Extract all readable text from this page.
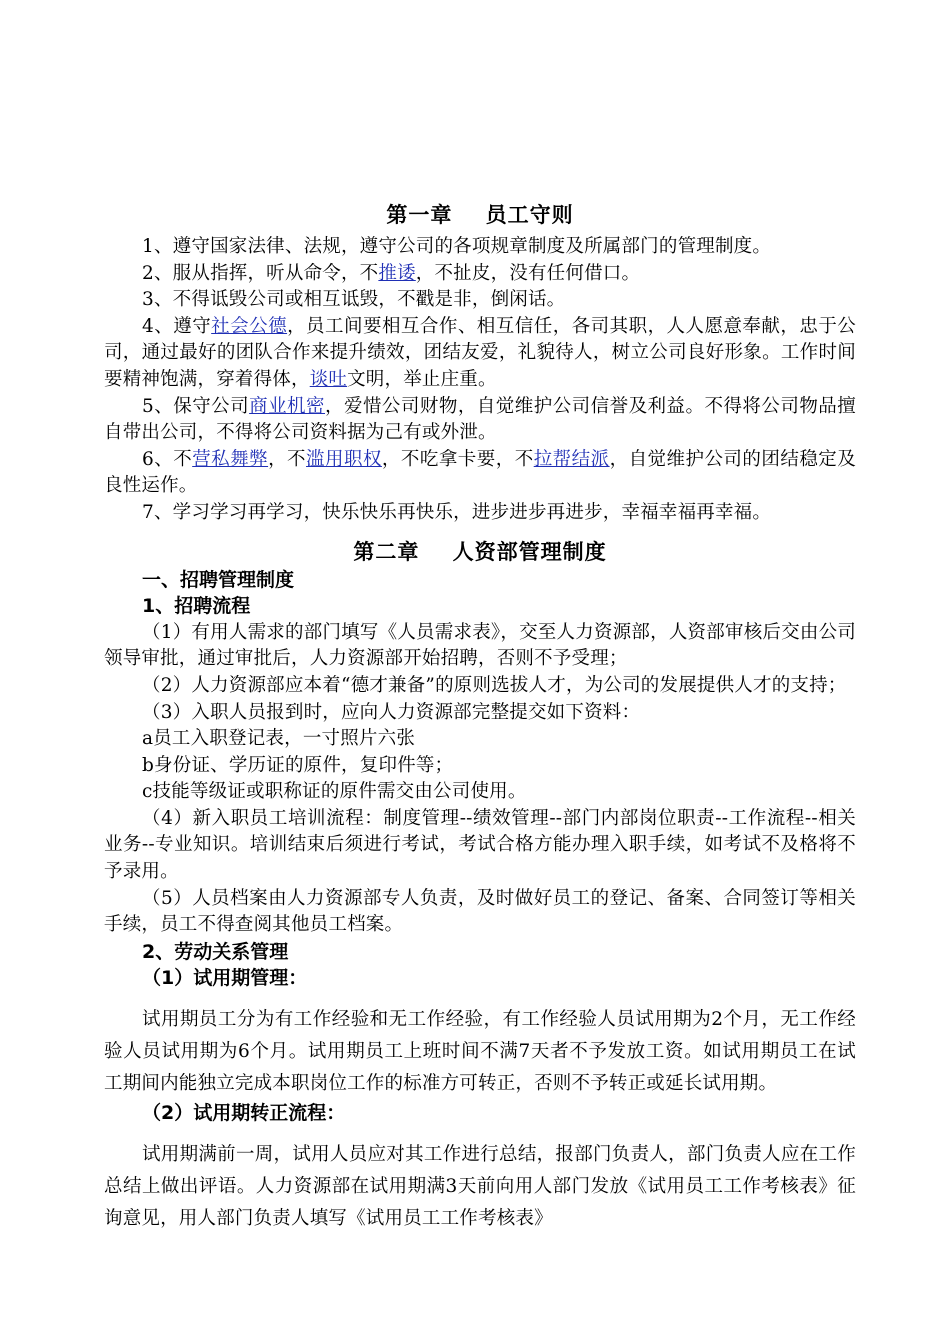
第一章    员工守则

1、遵守国家法律、法规，遵守公司的各项规章制度及所属部门的管理制度。

2、服从指挥，听从命令，不推诿，不扯皮，没有任何借口。

3、不得诋毁公司或相互诋毁，不戳是非，倒闲话。

4、遵守社会公德，员工间要相互合作、相互信任，各司其职，人人愿意奉献，忠于公司，通过最好的团队合作来提升绩效，团结友爱，礼貌待人，树立公司良好形象。工作时间要精神饱满，穿着得体，谈吐文明，举止庄重。

5、保守公司商业机密，爱惜公司财物，自觉维护公司信誉及利益。不得将公司物品擅自带出公司，不得将公司资料据为己有或外泄。

6、不营私舞弊，不滥用职权，不吃拿卡要，不拉帮结派，自觉维护公司的团结稳定及良性运作。

7、学习学习再学习，快乐快乐再快乐，进步进步再进步，幸福幸福再幸福。

第二章    人资部管理制度
一、招聘管理制度
1、招聘流程

（1）有用人需求的部门填写《人员需求表》，交至人力资源部，人资部审核后交由公司领导审批，通过审批后，人力资源部开始招聘，否则不予受理；

（2）人力资源部应本着“德才兼备”的原则选拔人才，为公司的发展提供人才的支持；

（3）入职人员报到时，应向人力资源部完整提交如下资料：

a员工入职登记表，一寸照片六张

b身份证、学历证的原件，复印件等；

c技能等级证或职称证的原件需交由公司使用。

（4）新入职员工培训流程：制度管理--绩效管理--部门内部岗位职责--工作流程--相关业务--专业知识。培训结束后须进行考试，考试合格方能办理入职手续，如考试不及格将不予录用。

（5）人员档案由人力资源部专人负责，及时做好员工的登记、备案、合同签订等相关手续，员工不得查阅其他员工档案。

2、劳动关系管理
（1）试用期管理：

试用期员工分为有工作经验和无工作经验，有工作经验人员试用期为2个月，无工作经验人员试用期为6个月。试用期员工上班时间不满7天者不予发放工资。如试用期员工在试工期间内能独立完成本职岗位工作的标准方可转正，否则不予转正或延长试用期。

（2）试用期转正流程：

试用期满前一周，试用人员应对其工作进行总结，报部门负责人，部门负责人应在工作总结上做出评语。人力资源部在试用期满3天前向用人部门发放《试用员工工作考核表》征询意见，用人部门负责人填写《试用员工工作考核表》
